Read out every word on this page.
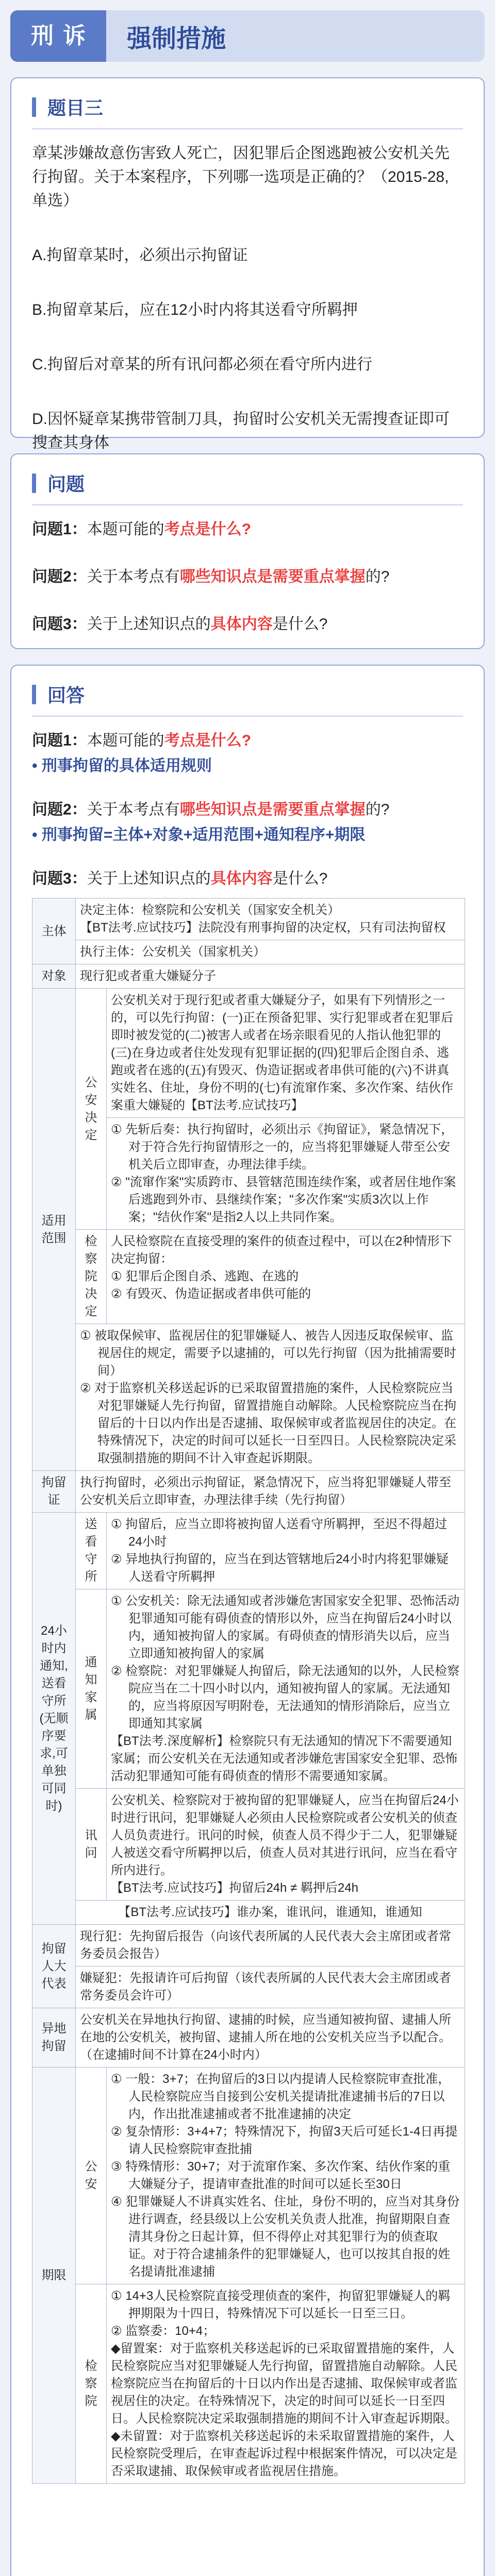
刑诉	强制措施
题目三
章某涉嫌故意伤害致人死亡，因犯罪后企图逃跑被公安机关先行拘留。关于本案程序，下列哪一选项是正确的？（2015-28,单选）
A.拘留章某时，必须出示拘留证
B.拘留章某后，应在12小时内将其送看守所羁押
C.拘留后对章某的所有讯问都必须在看守所内进行
D.因怀疑章某携带管制刀具，拘留时公安机关无需搜查证即可搜查其身体
问题
问题1：本题可能的考点是什么?
问题2：关于本考点有哪些知识点是需要重点掌握的?
问题3：关于上述知识点的具体内容是什么?
回答
问题1：本题可能的考点是什么?
• 刑事拘留的具体适用规则
问题2：关于本考点有哪些知识点是需要重点掌握的?
• 刑事拘留=主体+对象+适用范围+通知程序+期限
问题3：关于上述知识点的具体内容是什么?
主体	决定主体：检察院和公安机关（国家安全机关）
【BT法考.应试技巧】法院没有刑事拘留的决定权，只有司法拘留权	

	执行主体：公安机关（国家机关）	
对象	现行犯或者重大嫌疑分子	
适用范围	公安决定	公安机关对于现行犯或者重大嫌疑分子，如果有下列情形之一的，可以先行拘留：(一)正在预备犯罪、实行犯罪或者在犯罪后即时被发觉的(二)被害人或者在场亲眼看见的人指认他犯罪的(三)在身边或者住处发现有犯罪证据的(四)犯罪后企图自杀、逃跑或者在逃的(五)有毁灭、伪造证据或者串供可能的(六)不讲真实姓名、住址，身份不明的(七)有流窜作案、多次作案、结伙作案重大嫌疑的【BT法考.应试技巧】

		① 先斩后奏：执行拘留时，必须出示《拘留证》，紧急情况下，对于符合先行拘留情形之一的，应当将犯罪嫌疑人带至公安机关后立即审查，办理法律手续。
② "流窜作案"实质跨市、县管辖范围连续作案，或者居住地作案后逃跑到外市、县继续作案；"多次作案"实质3次以上作案；"结伙作案"是指2人以上共同作案。

	检察院决定	人民检察院在直接受理的案件的侦查过程中，可以在2种情形下决定拘留：
① 犯罪后企图自杀、逃跑、在逃的
② 有毁灭、伪造证据或者串供可能的

	① 被取保候审、监视居住的犯罪嫌疑人、被告人因违反取保候审、监视居住的规定，需要予以逮捕的，可以先行拘留（因为批捕需要时间）
② 对于监察机关移送起诉的已采取留置措施的案件，人民检察院应当对犯罪嫌疑人先行拘留，留置措施自动解除。人民检察院应当在拘留后的十日以内作出是否逮捕、取保候审或者监视居住的决定。在特殊情况下，决定的时间可以延长一日至四日。人民检察院决定采取强制措施的期间不计入审查起诉期限。	

拘留证	执行拘留时，必须出示拘留证，紧急情况下，应当将犯罪嫌疑人带至公安机关后立即审查，办理法律手续（先行拘留）	
24小时内通知,送看守所(无顺序要求,可单独可同时)	送看守所	① 拘留后，应当立即将被拘留人送看守所羁押，至迟不得超过24小时
② 异地执行拘留的，应当在到达管辖地后24小时内将犯罪嫌疑人送看守所羁押

	通知家属	① 公安机关：除无法通知或者涉嫌危害国家安全犯罪、恐怖活动犯罪通知可能有碍侦查的情形以外，应当在拘留后24小时以内，通知被拘留人的家属。有碍侦查的情形消失以后，应当立即通知被拘留人的家属
② 检察院：对犯罪嫌疑人拘留后，除无法通知的以外，人民检察院应当在二十四小时以内，通知被拘留人的家属。无法通知的，应当将原因写明附卷，无法通知的情形消除后，应当立即通知其家属
【BT法考.深度解析】检察院只有无法通知的情况下不需要通知家属；而公安机关在无法通知或者涉嫌危害国家安全犯罪、恐怖活动犯罪通知可能有碍侦查的情形不需要通知家属。

	讯问	公安机关、检察院对于被拘留的犯罪嫌疑人，应当在拘留后24小时进行讯问，犯罪嫌疑人必须由人民检察院或者公安机关的侦查人员负责进行。讯问的时候，侦查人员不得少于二人，犯罪嫌疑人被送交看守所羁押以后，侦查人员对其进行讯问，应当在看守所内进行。
【BT法考.应试技巧】拘留后24h ≠ 羁押后24h

	【BT法考.应试技巧】谁办案，谁讯问，谁通知，谁通知	
拘留人大代表	现行犯：先拘留后报告（向该代表所属的人民代表大会主席团或者常务委员会报告）	
	嫌疑犯：先报请许可后拘留（该代表所属的人民代表大会主席团或者常务委员会许可）	
异地拘留	公安机关在异地执行拘留、逮捕的时候，应当通知被拘留、逮捕人所在地的公安机关，被拘留、逮捕人所在地的公安机关应当予以配合。（在逮捕时间不计算在24小时内）	
期限	公安	① 一般：3+7；在拘留后的3日以内提请人民检察院审查批准，人民检察院应当自接到公安机关提请批准逮捕书后的7日以内，作出批准逮捕或者不批准逮捕的决定
② 复杂情形：3+4+7；特殊情况下，拘留3天后可延长1-4日再提请人民检察院审查批捕
③ 特殊情形：30+7；对于流窜作案、多次作案、结伙作案的重大嫌疑分子，提请审查批准的时间可以延长至30日
④ 犯罪嫌疑人不讲真实姓名、住址，身份不明的，应当对其身份进行调查，经县级以上公安机关负责人批准，拘留期限自查清其身份之日起计算，但不得停止对其犯罪行为的侦查取证。对于符合逮捕条件的犯罪嫌疑人，也可以按其自报的姓名提请批准逮捕

	检察院	① 14+3人民检察院直接受理侦查的案件，拘留犯罪嫌疑人的羁押期限为十四日，特殊情况下可以延长一日至三日。
② 监察委：10+4；
◆留置案：对于监察机关移送起诉的已采取留置措施的案件，人民检察院应当对犯罪嫌疑人先行拘留，留置措施自动解除。人民检察院应当在拘留后的十日以内作出是否逮捕、取保候审或者监视居住的决定。在特殊情况下，决定的时间可以延长一日至四日。人民检察院决定采取强制措施的期间不计入审查起诉期限。
◆未留置：对于监察机关移送起诉的未采取留置措施的案件，人民检察院受理后，在审查起诉过程中根据案件情况，可以决定是否采取逮捕、取保候审或者监视居住措施。
